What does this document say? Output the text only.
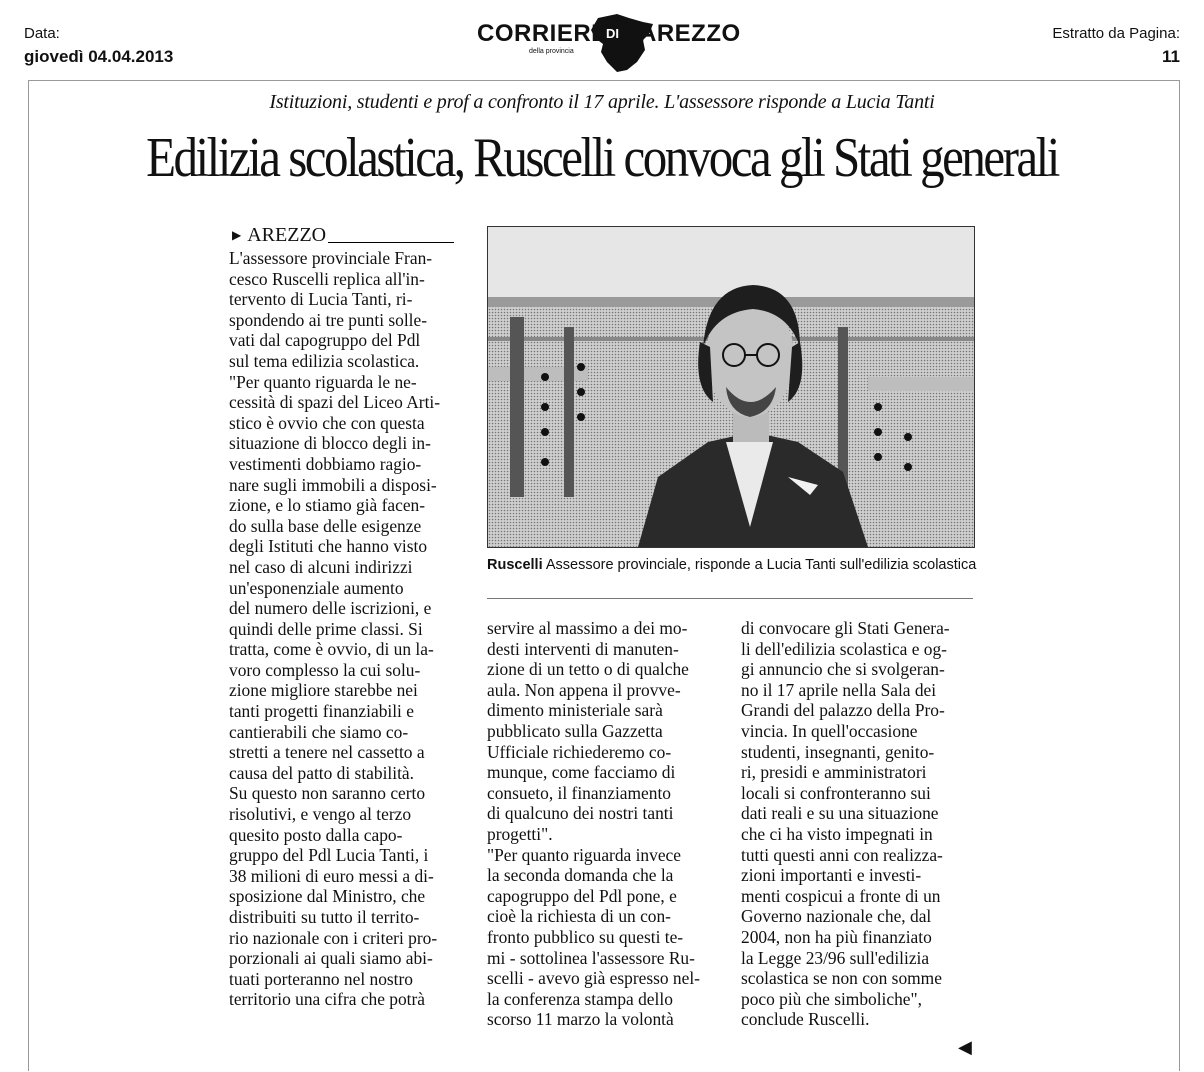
Data:
giovedì 04.04.2013
CORRIERE
DI AREZZO
della provincia
Estratto da Pagina:
11
Istituzioni, studenti e prof a confronto il 17 aprile. L'assessore risponde a Lucia Tanti
Edilizia scolastica, Ruscelli convoca gli Stati generali
▶ AREZZO
L'assessore provinciale Fran-
cesco Ruscelli replica all'in-
tervento di Lucia Tanti, ri-
spondendo ai tre punti solle-
vati dal capogruppo del Pdl
sul tema edilizia scolastica.
"Per quanto riguarda le ne-
cessità di spazi del Liceo Arti-
stico è ovvio che con questa
situazione di blocco degli in-
vestimenti dobbiamo ragio-
nare sugli immobili a disposi-
zione, e lo stiamo già facen-
do sulla base delle esigenze
degli Istituti che hanno visto
nel caso di alcuni indirizzi
un'esponenziale aumento
del numero delle iscrizioni, e
quindi delle prime classi. Si
tratta, come è ovvio, di un la-
voro complesso la cui solu-
zione migliore starebbe nei
tanti progetti finanziabili e
cantierabili che siamo co-
stretti a tenere nel cassetto a
causa del patto di stabilità.
Su questo non saranno certo
risolutivi, e vengo al terzo
quesito posto dalla capo-
gruppo del Pdl Lucia Tanti, i
38 milioni di euro messi a di-
sposizione dal Ministro, che
distribuiti su tutto il territo-
rio nazionale con i criteri pro-
porzionali ai quali siamo abi-
tuati porteranno nel nostro
territorio una cifra che potrà
Ruscelli Assessore provinciale, risponde a Lucia Tanti sull'edilizia scolastica
servire al massimo a dei mo-
desti interventi di manuten-
zione di un tetto o di qualche
aula. Non appena il provve-
dimento ministeriale sarà
pubblicato sulla Gazzetta
Ufficiale richiederemo co-
munque, come facciamo di
consueto, il finanziamento
di qualcuno dei nostri tanti
progetti".
"Per quanto riguarda invece
la seconda domanda che la
capogruppo del Pdl pone, e
cioè la richiesta di un con-
fronto pubblico su questi te-
mi - sottolinea l'assessore Ru-
scelli - avevo già espresso nel-
la conferenza stampa dello
scorso 11 marzo la volontà
di convocare gli Stati Genera-
li dell'edilizia scolastica e og-
gi annuncio che si svolgeran-
no il 17 aprile nella Sala dei
Grandi del palazzo della Pro-
vincia. In quell'occasione
studenti, insegnanti, genito-
ri, presidi e amministratori
locali si confronteranno sui
dati reali e su una situazione
che ci ha visto impegnati in
tutti questi anni con realizza-
zioni importanti e investi-
menti cospicui a fronte di un
Governo nazionale che, dal
2004, non ha più finanziato
la Legge 23/96 sull'edilizia
scolastica se non con somme
poco più che simboliche",
conclude Ruscelli.
◀
